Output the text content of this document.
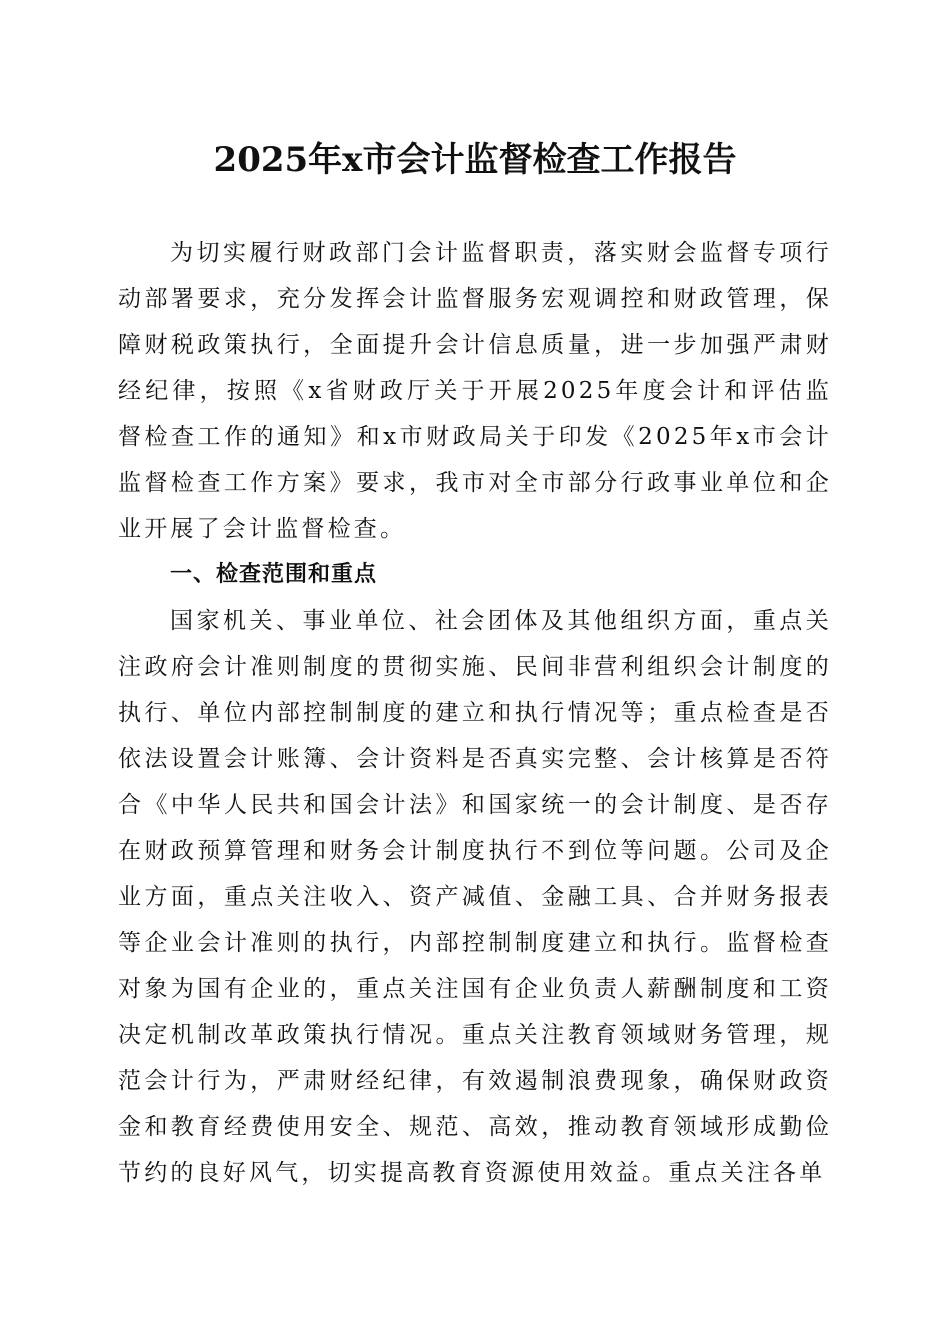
2025年x市会计监督检查工作报告

为切实履行财政部门会计监督职责，落实财会监督专项行动部署要求，充分发挥会计监督服务宏观调控和财政管理，保障财税政策执行，全面提升会计信息质量，进一步加强严肃财经纪律，按照《x省财政厅关于开展2025年度会计和评估监督检查工作的通知》和x市财政局关于印发《2025年x市会计监督检查工作方案》要求，我市对全市部分行政事业单位和企业开展了会计监督检查。

一、检查范围和重点

国家机关、事业单位、社会团体及其他组织方面，重点关注政府会计准则制度的贯彻实施、民间非营利组织会计制度的执行、单位内部控制制度的建立和执行情况等；重点检查是否依法设置会计账簿、会计资料是否真实完整、会计核算是否符合《中华人民共和国会计法》和国家统一的会计制度、是否存在财政预算管理和财务会计制度执行不到位等问题。公司及企业方面，重点关注收入、资产减值、金融工具、合并财务报表等企业会计准则的执行，内部控制制度建立和执行。监督检查对象为国有企业的，重点关注国有企业负责人薪酬制度和工资决定机制改革政策执行情况。重点关注教育领域财务管理，规范会计行为，严肃财经纪律，有效遏制浪费现象，确保财政资金和教育经费使用安全、规范、高效，推动教育领域形成勤俭节约的良好风气，切实提高教育资源使用效益。重点关注各单
